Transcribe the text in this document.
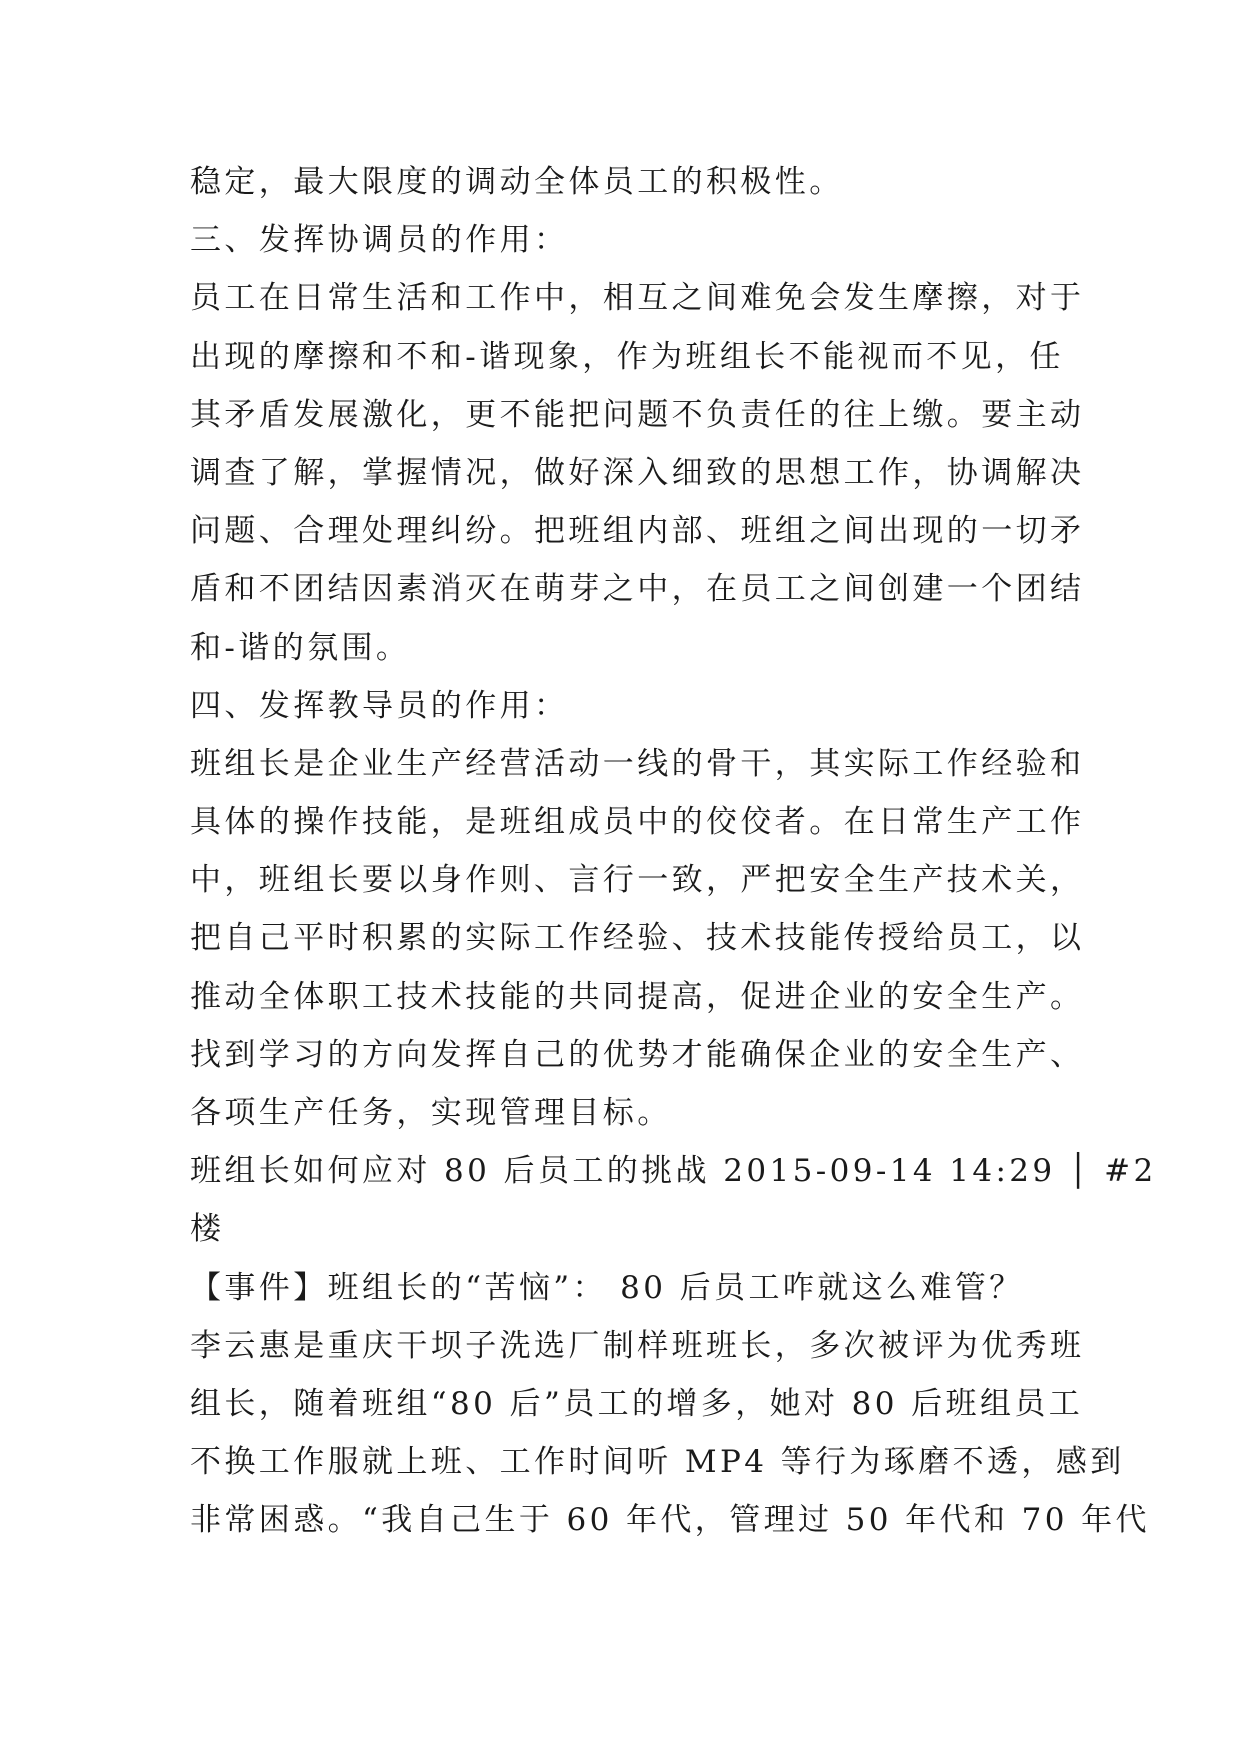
稳定，最大限度的调动全体员工的积极性。
三、发挥协调员的作用：
员工在日常生活和工作中，相互之间难免会发生摩擦，对于
出现的摩擦和不和-谐现象，作为班组长不能视而不见，任
其矛盾发展激化，更不能把问题不负责任的往上缴。要主动
调查了解，掌握情况，做好深入细致的思想工作，协调解决
问题、合理处理纠纷。把班组内部、班组之间出现的一切矛
盾和不团结因素消灭在萌芽之中，在员工之间创建一个团结
和-谐的氛围。
四、发挥教导员的作用：
班组长是企业生产经营活动一线的骨干，其实际工作经验和
具体的操作技能，是班组成员中的佼佼者。在日常生产工作
中，班组长要以身作则、言行一致，严把安全生产技术关，
把自己平时积累的实际工作经验、技术技能传授给员工，以
推动全体职工技术技能的共同提高，促进企业的安全生产。
找到学习的方向发挥自己的优势才能确保企业的安全生产、
各项生产任务，实现管理目标。
班组长如何应对 80 后员工的挑战 2015-09-14 14:29 │ #2
楼
【事件】班组长的“苦恼”： 80 后员工咋就这么难管？
李云惠是重庆干坝子洗选厂制样班班长，多次被评为优秀班
组长，随着班组“80 后”员工的增多，她对 80 后班组员工
不换工作服就上班、工作时间听 MP4 等行为琢磨不透，感到
非常困惑。“我自己生于 60 年代，管理过 50 年代和 70 年代
